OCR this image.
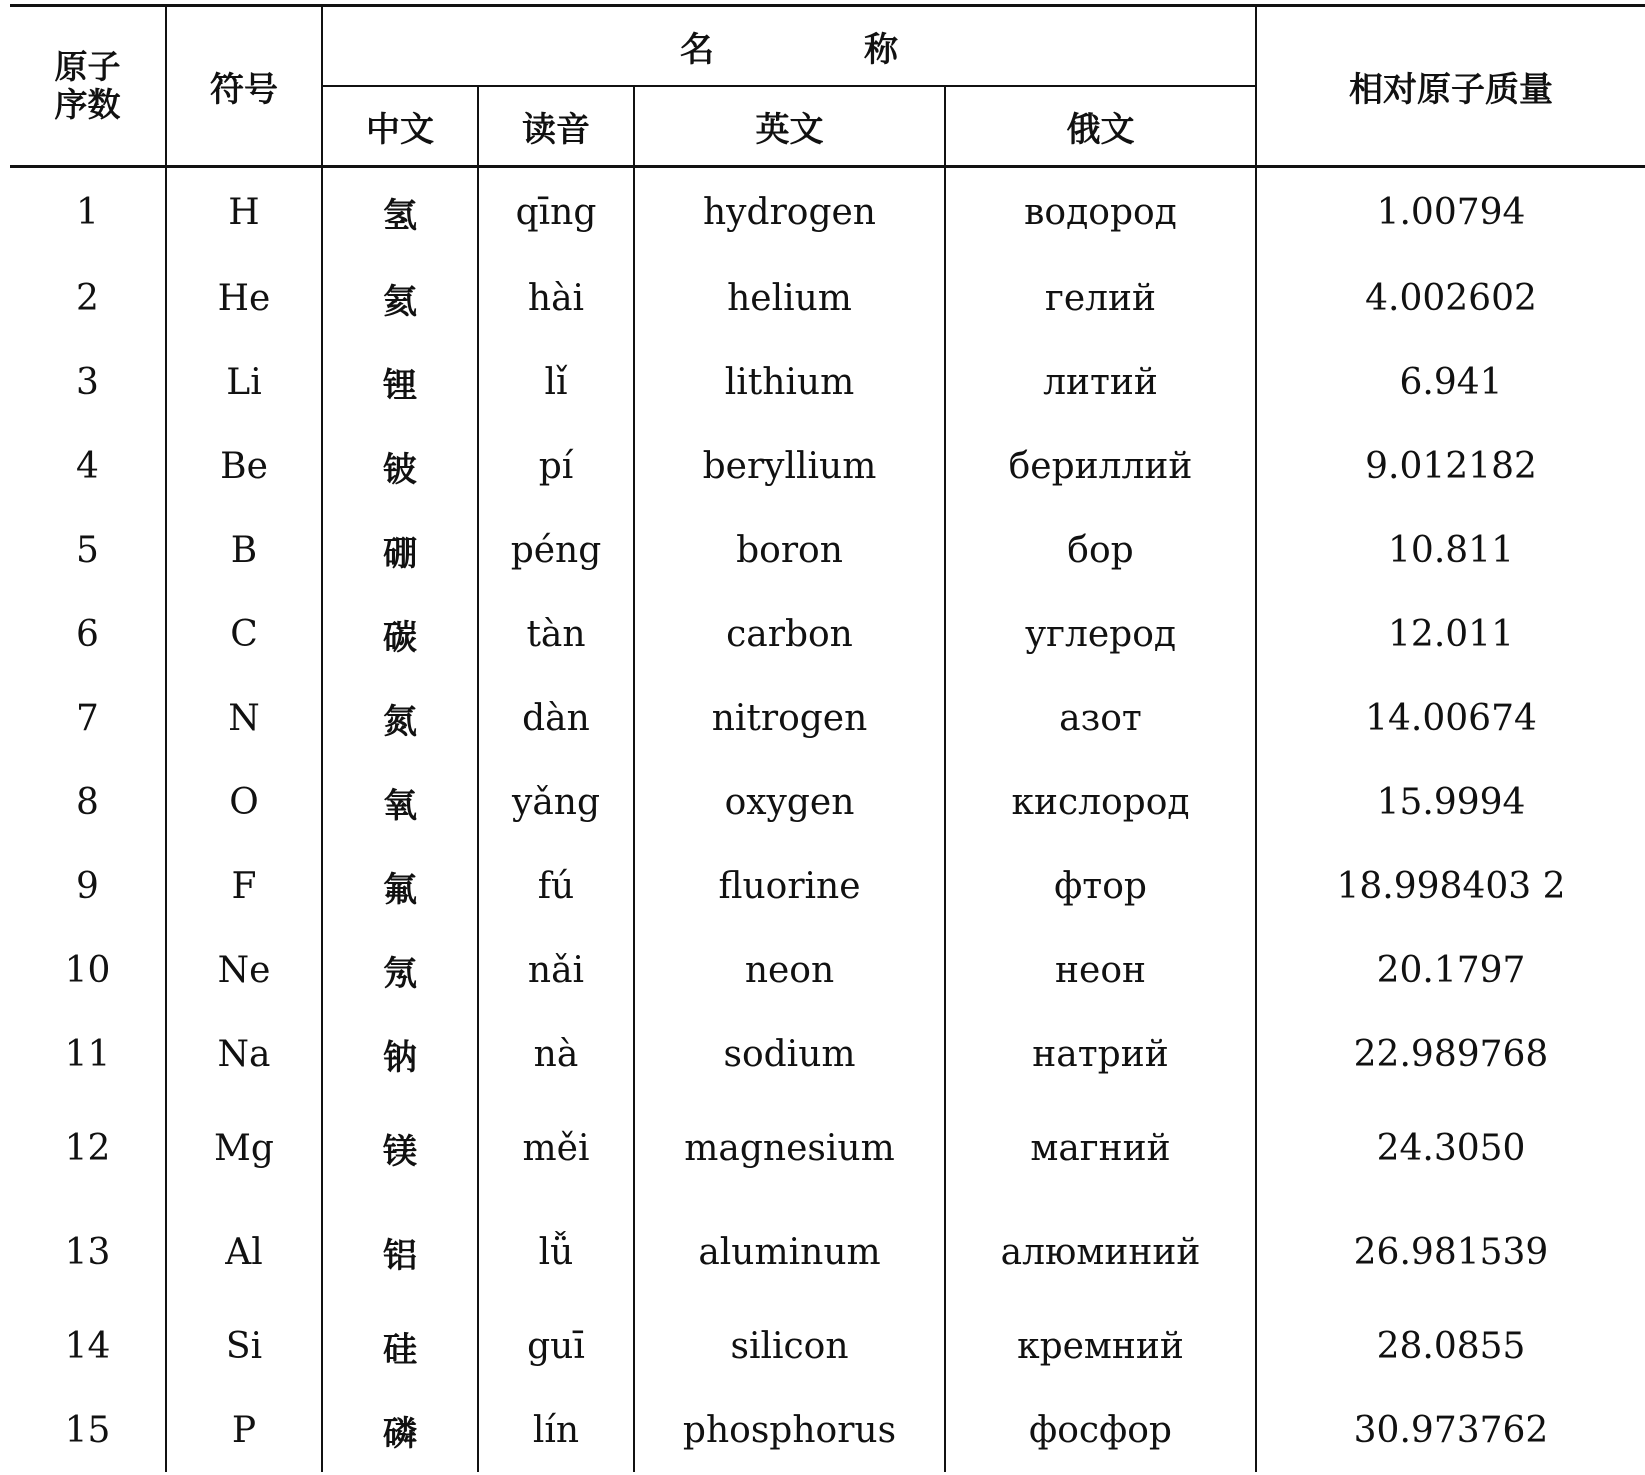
原子
序数	符号	名 称				相对原子质量
		中文	读音	英文	俄文	
1	H	氢	qīng	hydrogen	водород	1.00794
2	He	氦	hài	helium	гелий	4.002602
3	Li	锂	lǐ	lithium	литий	6.941
4	Be	铍	pí	beryllium	бериллий	9.012182
5	B	硼	péng	boron	бор	10.811
6	C	碳	tàn	carbon	углерод	12.011
7	N	氮	dàn	nitrogen	азот	14.00674
8	O	氧	yǎng	oxygen	кислород	15.9994
9	F	氟	fú	fluorine	фтор	18.998403 2
10	Ne	氖	nǎi	neon	неон	20.1797
11	Na	钠	nà	sodium	натрий	22.989768
12	Mg	镁	měi	magnesium	магний	24.3050
13	Al	铝	lǚ	aluminum	алюминий	26.981539
14	Si	硅	guī	silicon	кремний	28.0855
15	P	磷	lín	phosphorus	фосфор	30.973762
